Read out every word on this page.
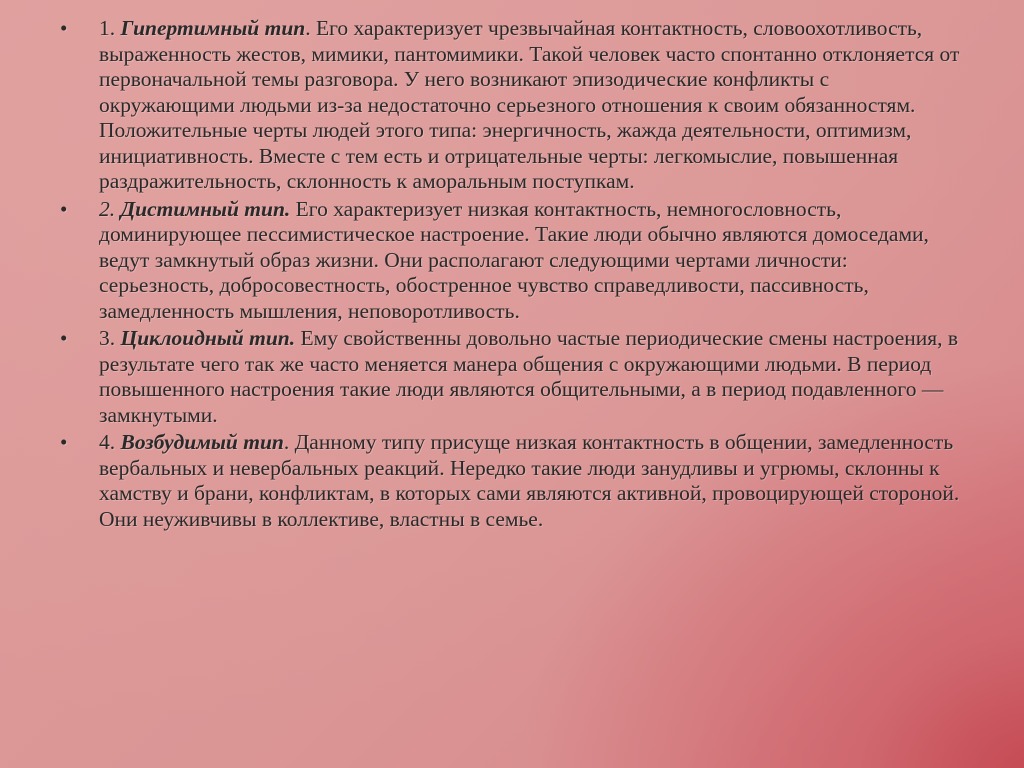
•	1. Гипертимный тип. Его характеризует чрезвычайная контактность, словоохотливость, выраженность жестов, мимики, пантомимики. Такой человек часто спонтанно отклоняется от первоначальной темы разговора. У него возникают эпизодические конфликты с окружающими людьми из-за недостаточно серьезного отношения к своим обязанностям. Положительные черты людей этого типа: энергичность, жажда деятельности, оптимизм, инициативность. Вместе с тем есть и отрицательные черты: легкомыслие, повышенная раздражительность, склонность к аморальным поступкам.
•	2. Дистимный тип. Его характеризует низкая контактность, немногословность, доминирующее пессимистическое настроение. Такие люди обычно являются домоседами, ведут замкнутый образ жизни. Они располагают следующими чертами личности: серьезность, добросовестность, обостренное чувство справедливости, пассивность, замедленность мышления, неповоротливость.
•	3. Циклоидный тип. Ему свойственны довольно частые периодические смены настроения, в результате чего так же часто меняется манера общения с окружающими людьми. В период повышенного настроения такие люди являются общительными, а в период подавленного — замкнутыми.
•	4. Возбудимый тип. Данному типу присуще низкая контактность в общении, замедленность вербальных и невербальных реакций. Нередко такие люди занудливы и угрюмы, склонны к хамству и брани, конфликтам, в которых сами являются активной, провоцирующей стороной. Они неуживчивы в коллективе, властны в семье.
